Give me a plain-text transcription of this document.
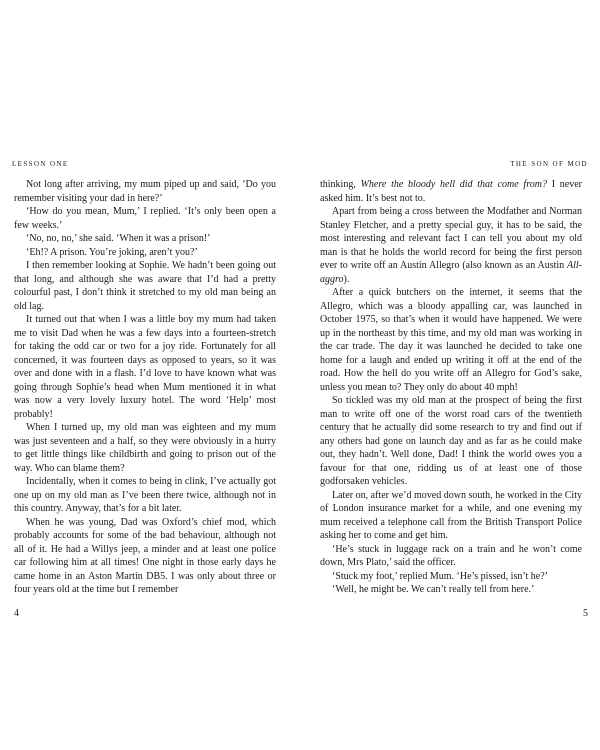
LESSON ONE

Not long after arriving, my mum piped up and said, ‘Do you remember visiting your dad in here?’

‘How do you mean, Mum,’ I replied. ‘It’s only been open a few weeks.’

‘No, no, no,’ she said. ‘When it was a prison!’

‘Eh!? A prison. You’re joking, aren’t you?’

I then remember looking at Sophie. We hadn’t been going out that long, and although she was aware that I’d had a pretty colourful past, I don’t think it stretched to my old man being an old lag.

It turned out that when I was a little boy my mum had taken me to visit Dad when he was a few days into a fourteen-stretch for taking the odd car or two for a joy ride. Fortunately for all concerned, it was fourteen days as opposed to years, so it was over and done with in a flash. I’d love to have known what was going through Sophie’s head when Mum mentioned it in what was now a very lovely luxury hotel. The word ‘Help’ most probably!

When I turned up, my old man was eighteen and my mum was just seventeen and a half, so they were obviously in a hurry to get little things like childbirth and going to prison out of the way. Who can blame them?

Incidentally, when it comes to being in clink, I’ve actually got one up on my old man as I’ve been there twice, although not in this country. Anyway, that’s for a bit later.

When he was young, Dad was Oxford’s chief mod, which probably accounts for some of the bad behaviour, although not all of it. He had a Willys jeep, a minder and at least one police car following him at all times! One night in those early days he came home in an Aston Martin DB5. I was only about three or four years old at the time but I remember

4
THE SON OF MOD

thinking, Where the bloody hell did that come from? I never asked him. It’s best not to.

Apart from being a cross between the Modfather and Norman Stanley Fletcher, and a pretty special guy, it has to be said, the most interesting and relevant fact I can tell you about my old man is that he holds the world record for being the first person ever to write off an Austin Allegro (also known as an Austin All-aggro).

After a quick butchers on the internet, it seems that the Allegro, which was a bloody appalling car, was launched in October 1975, so that’s when it would have happened. We were up in the northeast by this time, and my old man was working in the car trade. The day it was launched he decided to take one home for a laugh and ended up writing it off at the end of the road. How the hell do you write off an Allegro for God’s sake, unless you mean to? They only do about 40 mph!

So tickled was my old man at the prospect of being the first man to write off one of the worst road cars of the twentieth century that he actually did some research to try and find out if any others had gone on launch day and as far as he could make out, they hadn’t. Well done, Dad! I think the world owes you a favour for that one, ridding us of at least one of those godforsaken vehicles.

Later on, after we’d moved down south, he worked in the City of London insurance market for a while, and one evening my mum received a telephone call from the British Transport Police asking her to come and get him.

‘He’s stuck in luggage rack on a train and he won’t come down, Mrs Plato,’ said the officer.

‘Stuck my foot,’ replied Mum. ‘He’s pissed, isn’t he?’

‘Well, he might be. We can’t really tell from here.’

5
